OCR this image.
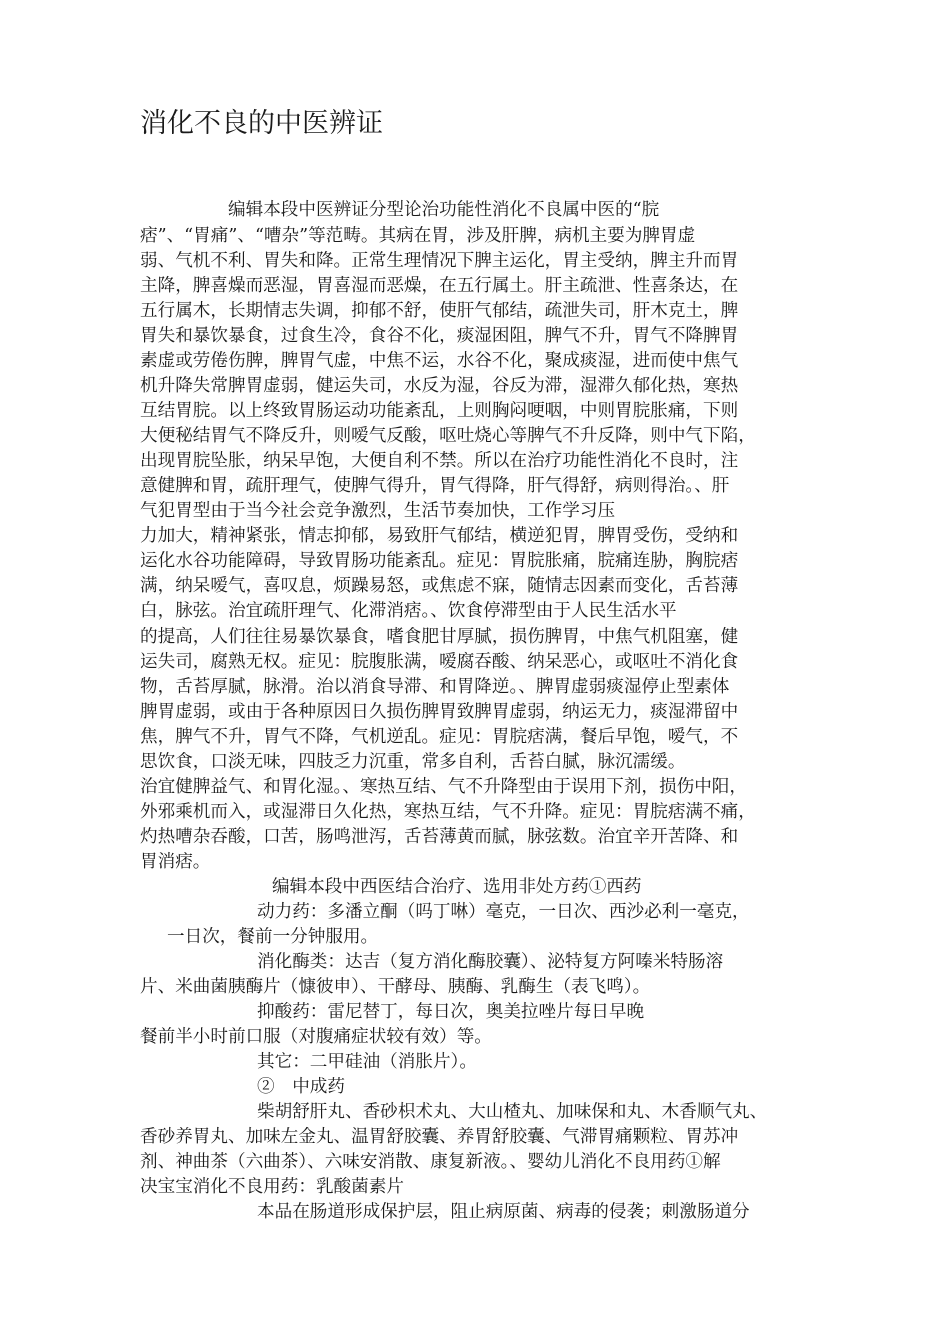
消化不良的中医辨证
编辑本段中医辨证分型论治功能性消化不良属中医的“脘
痞”、“胃痛”、“嘈杂”等范畴。其病在胃，涉及肝脾，病机主要为脾胃虚
弱、气机不利、胃失和降。正常生理情况下脾主运化，胃主受纳，脾主升而胃
主降，脾喜燥而恶湿，胃喜湿而恶燥，在五行属土。肝主疏泄、性喜条达，在
五行属木，长期情志失调，抑郁不舒，使肝气郁结，疏泄失司，肝木克土，脾
胃失和暴饮暴食，过食生冷，食谷不化，痰湿困阻，脾气不升，胃气不降脾胃
素虚或劳倦伤脾，脾胃气虚，中焦不运，水谷不化，聚成痰湿，进而使中焦气
机升降失常脾胃虚弱，健运失司，水反为湿，谷反为滞，湿滞久郁化热，寒热
互结胃脘。以上终致胃肠运动功能紊乱，上则胸闷哽咽，中则胃脘胀痛，下则
大便秘结胃气不降反升，则嗳气反酸，呕吐烧心等脾气不升反降，则中气下陷，
出现胃脘坠胀，纳呆早饱，大便自利不禁。所以在治疗功能性消化不良时，注
意健脾和胃，疏肝理气，使脾气得升，胃气得降，肝气得舒，病则得治。、肝
气犯胃型由于当今社会竞争激烈，生活节奏加快，工作学习压
力加大，精神紧张，情志抑郁，易致肝气郁结，横逆犯胃，脾胃受伤，受纳和
运化水谷功能障碍，导致胃肠功能紊乱。症见：胃脘胀痛，脘痛连胁，胸脘痞
满，纳呆嗳气，喜叹息，烦躁易怒，或焦虑不寐，随情志因素而变化，舌苔薄
白，脉弦。治宜疏肝理气、化滞消痞。、饮食停滞型由于人民生活水平
的提高，人们往往易暴饮暴食，嗜食肥甘厚腻，损伤脾胃，中焦气机阻塞，健
运失司，腐熟无权。症见：脘腹胀满，嗳腐吞酸、纳呆恶心，或呕吐不消化食
物，舌苔厚腻，脉滑。治以消食导滞、和胃降逆。、脾胃虚弱痰湿停止型素体
脾胃虚弱，或由于各种原因日久损伤脾胃致脾胃虚弱，纳运无力，痰湿滞留中
焦，脾气不升，胃气不降，气机逆乱。症见：胃脘痞满，餐后早饱，嗳气，不
思饮食，口淡无味，四肢乏力沉重，常多自利，舌苔白腻，脉沉濡缓。
治宜健脾益气、和胃化湿。、寒热互结、气不升降型由于误用下剂，损伤中阳，
外邪乘机而入，或湿滞日久化热，寒热互结，气不升降。症见：胃脘痞满不痛，
灼热嘈杂吞酸，口苦，肠鸣泄泻，舌苔薄黄而腻，脉弦数。治宜辛开苦降、和
胃消痞。
编辑本段中西医结合治疗、选用非处方药①西药
动力药：多潘立酮（吗丁啉）毫克，一日次、西沙必利一毫克，
一日次，餐前一分钟服用。
消化酶类：达吉（复方消化酶胶囊）、泌特复方阿嗪米特肠溶
片、米曲菌胰酶片（慷彼申）、干酵母、胰酶、乳酶生（表飞鸣）。
抑酸药：雷尼替丁，每日次，奥美拉唑片每日早晚
餐前半小时前口服（对腹痛症状较有效）等。
其它：二甲硅油（消胀片）。
②　中成药
柴胡舒肝丸、香砂枳术丸、大山楂丸、加味保和丸、木香顺气丸、
香砂养胃丸、加味左金丸、温胃舒胶囊、养胃舒胶囊、气滞胃痛颗粒、胃苏冲
剂、神曲茶（六曲茶）、六味安消散、康复新液。、婴幼儿消化不良用药①解
决宝宝消化不良用药：乳酸菌素片
本品在肠道形成保护层，阻止病原菌、病毒的侵袭；刺激肠道分
